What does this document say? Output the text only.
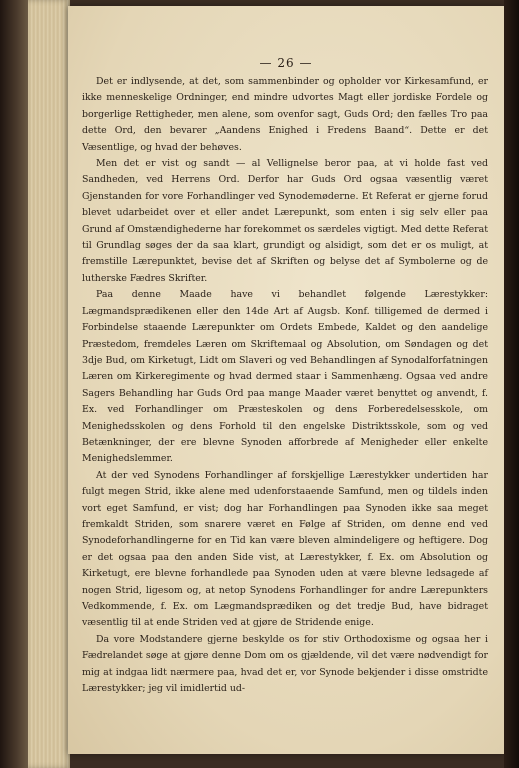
— 26 —

Det er indlysende, at det, som sammenbinder og opholder vor Kirkesamfund, er ikke menneskelige Ordninger, end mindre udvortes Magt eller jordiske Fordele og borgerlige Rettigheder, men alene, som ovenfor sagt, Guds Ord; den fælles Tro paa dette Ord, den bevarer „Aandens Enighed i Fredens Baand“. Dette er det Væsentlige, og hvad der behøves.

Men det er vist og sandt — al Vellignelse beror paa, at vi holde fast ved Sandheden, ved Herrens Ord. Derfor har Guds Ord ogsaa væsentlig været Gjenstanden for vore Forhandlinger ved Synodemøderne. Et Referat er gjerne forud blevet udarbeidet over et eller andet Lærepunkt, som enten i sig selv eller paa Grund af Omstændighederne har forekommet os særdeles vigtigt. Med dette Referat til Grundlag søges der da saa klart, grundigt og alsidigt, som det er os muligt, at fremstille Lærepunktet, bevise det af Skriften og belyse det af Symbolerne og de lutherske Fædres Skrifter.

Paa denne Maade have vi behandlet følgende Lærestykker: Lægmandsprædikenen eller den 14de Art af Augsb. Konf. tilligemed de dermed i Forbindelse staaende Lærepunkter om Ordets Embede, Kaldet og den aandelige Præstedom, fremdeles Læren om Skriftemaal og Absolution, om Søndagen og det 3dje Bud, om Kirketugt, Lidt om Slaveri og ved Behandlingen af Synodalforfatningen Læren om Kirkeregimente og hvad dermed staar i Sammenhæng. Ogsaa ved andre Sagers Behandling har Guds Ord paa mange Maader været benyttet og anvendt, f. Ex. ved Forhandlinger om Præsteskolen og dens Forberedelsesskole, om Menighedsskolen og dens Forhold til den engelske Distriktsskole, som og ved Betænkninger, der ere blevne Synoden afforbrede af Menigheder eller enkelte Menighedslemmer.

At der ved Synodens Forhandlinger af forskjellige Lærestykker undertiden har fulgt megen Strid, ikke alene med udenforstaaende Samfund, men og tildels inden vort eget Samfund, er vist; dog har Forhandlingen paa Synoden ikke saa meget fremkaldt Striden, som snarere været en Følge af Striden, om denne end ved Synodeforhandlingerne for en Tid kan være bleven almindeligere og heftigere. Dog er det ogsaa paa den anden Side vist, at Lærestykker, f. Ex. om Absolution og Kirketugt, ere blevne forhandlede paa Synoden uden at være blevne ledsagede af nogen Strid, ligesom og, at netop Synodens Forhandlinger for andre Lærepunkters Vedkommende, f. Ex. om Lægmandsprædiken og det tredje Bud, have bidraget væsentlig til at ende Striden ved at gjøre de Stridende enige.

Da vore Modstandere gjerne beskylde os for stiv Orthodoxisme og ogsaa her i Fædrelandet søge at gjøre denne Dom om os gjældende, vil det være nødvendigt for mig at indgaa lidt nærmere paa, hvad det er, vor Synode bekjender i disse omstridte Lærestykker; jeg vil imidlertid ud-
